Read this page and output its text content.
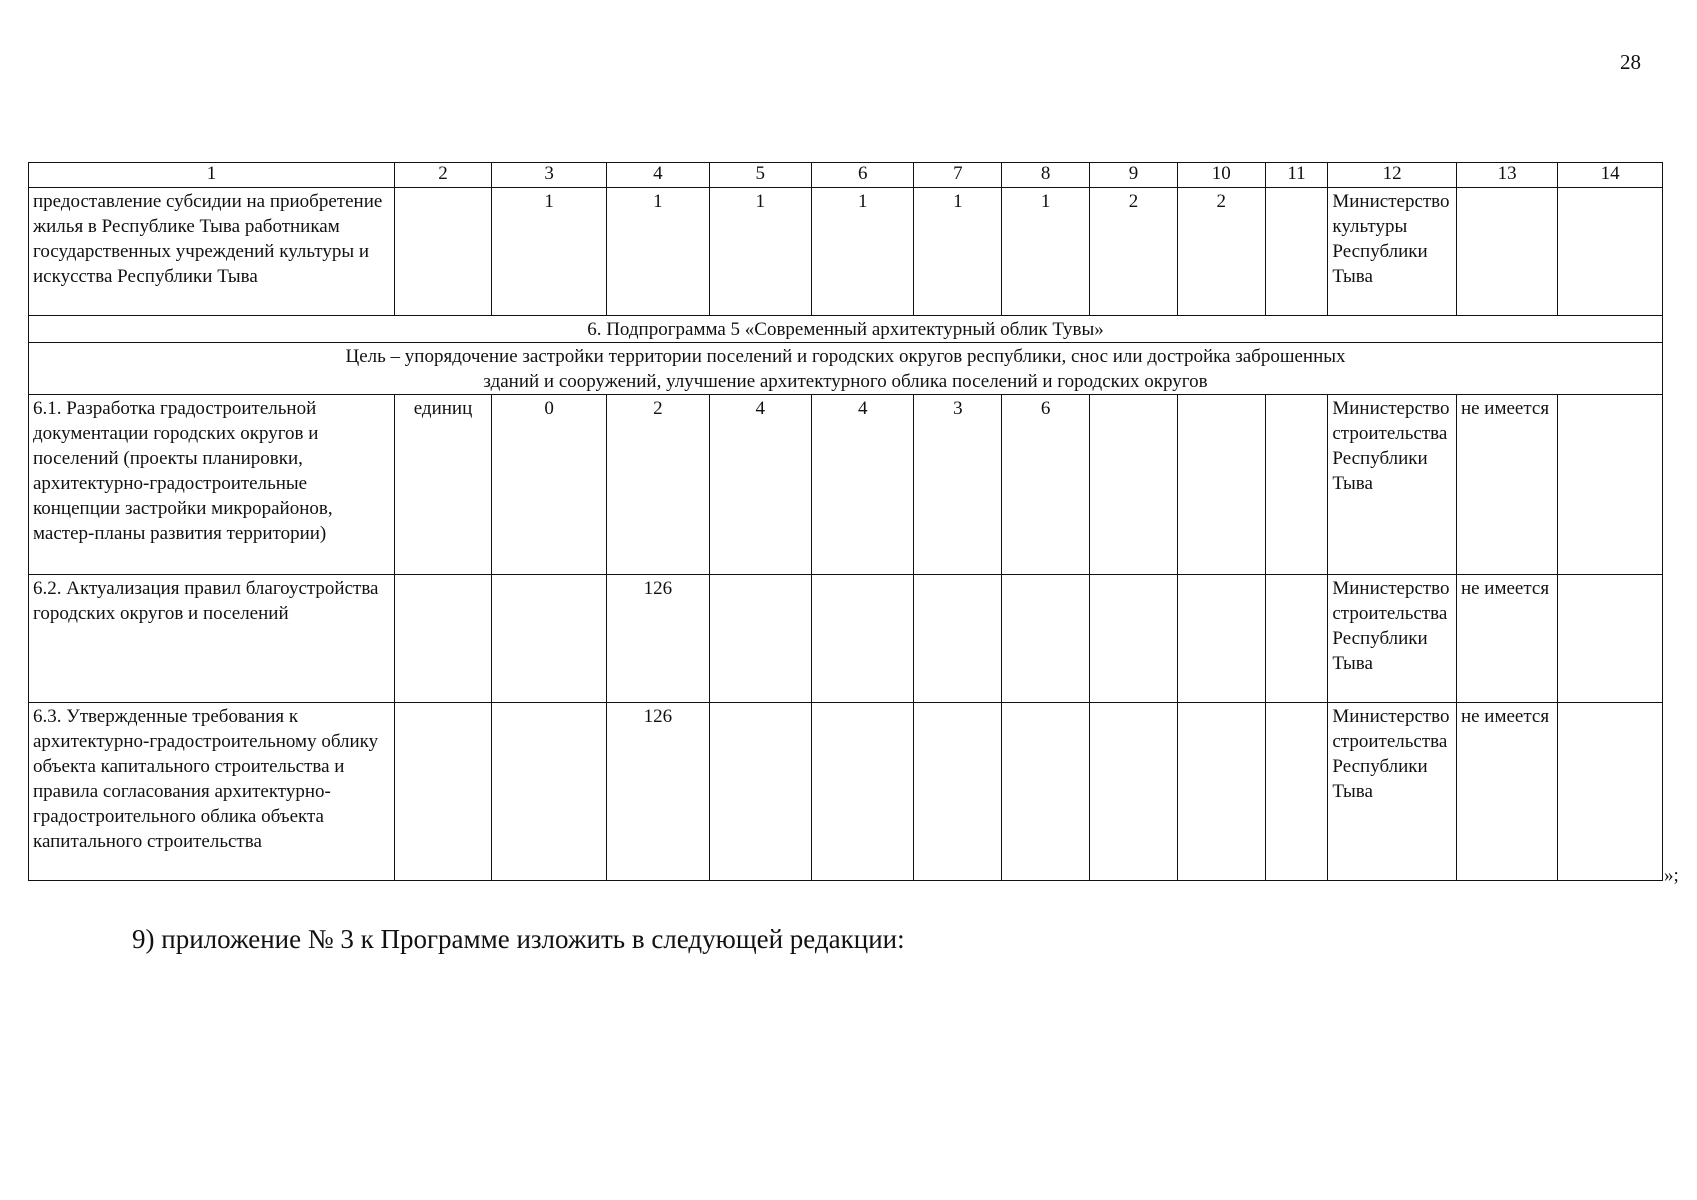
28
1	2	3	4	5	6	7	8	9	10	11	12	13	14
предоставление субсидии на приобретение жилья в Республике Тыва работникам государственных учреждений культуры и искусства Республики Тыва		1	1	1	1	1	1	2	2		Министерство культуры Республики Тыва		
6. Подпрограмма 5 «Современный архитектурный облик Тувы»													
Цель – упорядочение застройки территории поселений и городских округов республики, снос или достройка заброшенных зданий и сооружений, улучшение архитектурного облика поселений и городских округов													
6.1. Разработка градостроительной документации городских округов и поселений (проекты планировки, архитектурно-градостроительные концепции застройки микрорайонов, мастер-планы развития территории)	единиц	0	2	4	4	3	6				Министерство строительства Республики Тыва	не имеется	
6.2. Актуализация правил благоустройства городских округов и поселений			126								Министерство строительства Республики Тыва	не имеется	
6.3. Утвержденные требования к архитектурно-градостроительному облику объекта капитального строительства и правила согласования архитектурно-градостроительного облика объекта капитального строительства			126								Министерство строительства Республики Тыва	не имеется	
»;
9) приложение № 3 к Программе изложить в следующей редакции:
